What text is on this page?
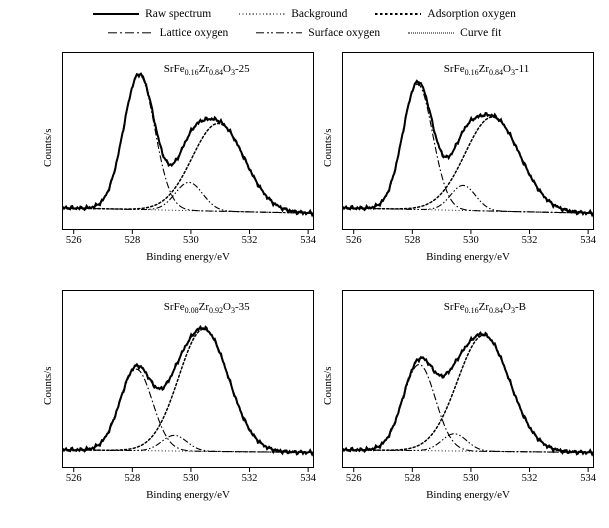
Raw spectrum	Background	Adsorption oxygen
Lattice oxygen	Surface oxygen	Curve fit
Counts/s
$SrFe_{0.16}Zr_{0.84}O_3-25$
526	528	530	532	534
Binding energy/eV
Counts/s
$SrFe_{0.16}Zr_{0.84}O_3-11$
526	528	530	532	534
Binding energy/eV
Counts/s
$SrFe_{0.08}Zr_{0.92}O_3-35$
526	528	530	532	534
Binding energy/eV
Counts/s
$SrFe_{0.16}Zr_{0.84}O_3-B$
526	528	530	532	534
Binding energy/eV
